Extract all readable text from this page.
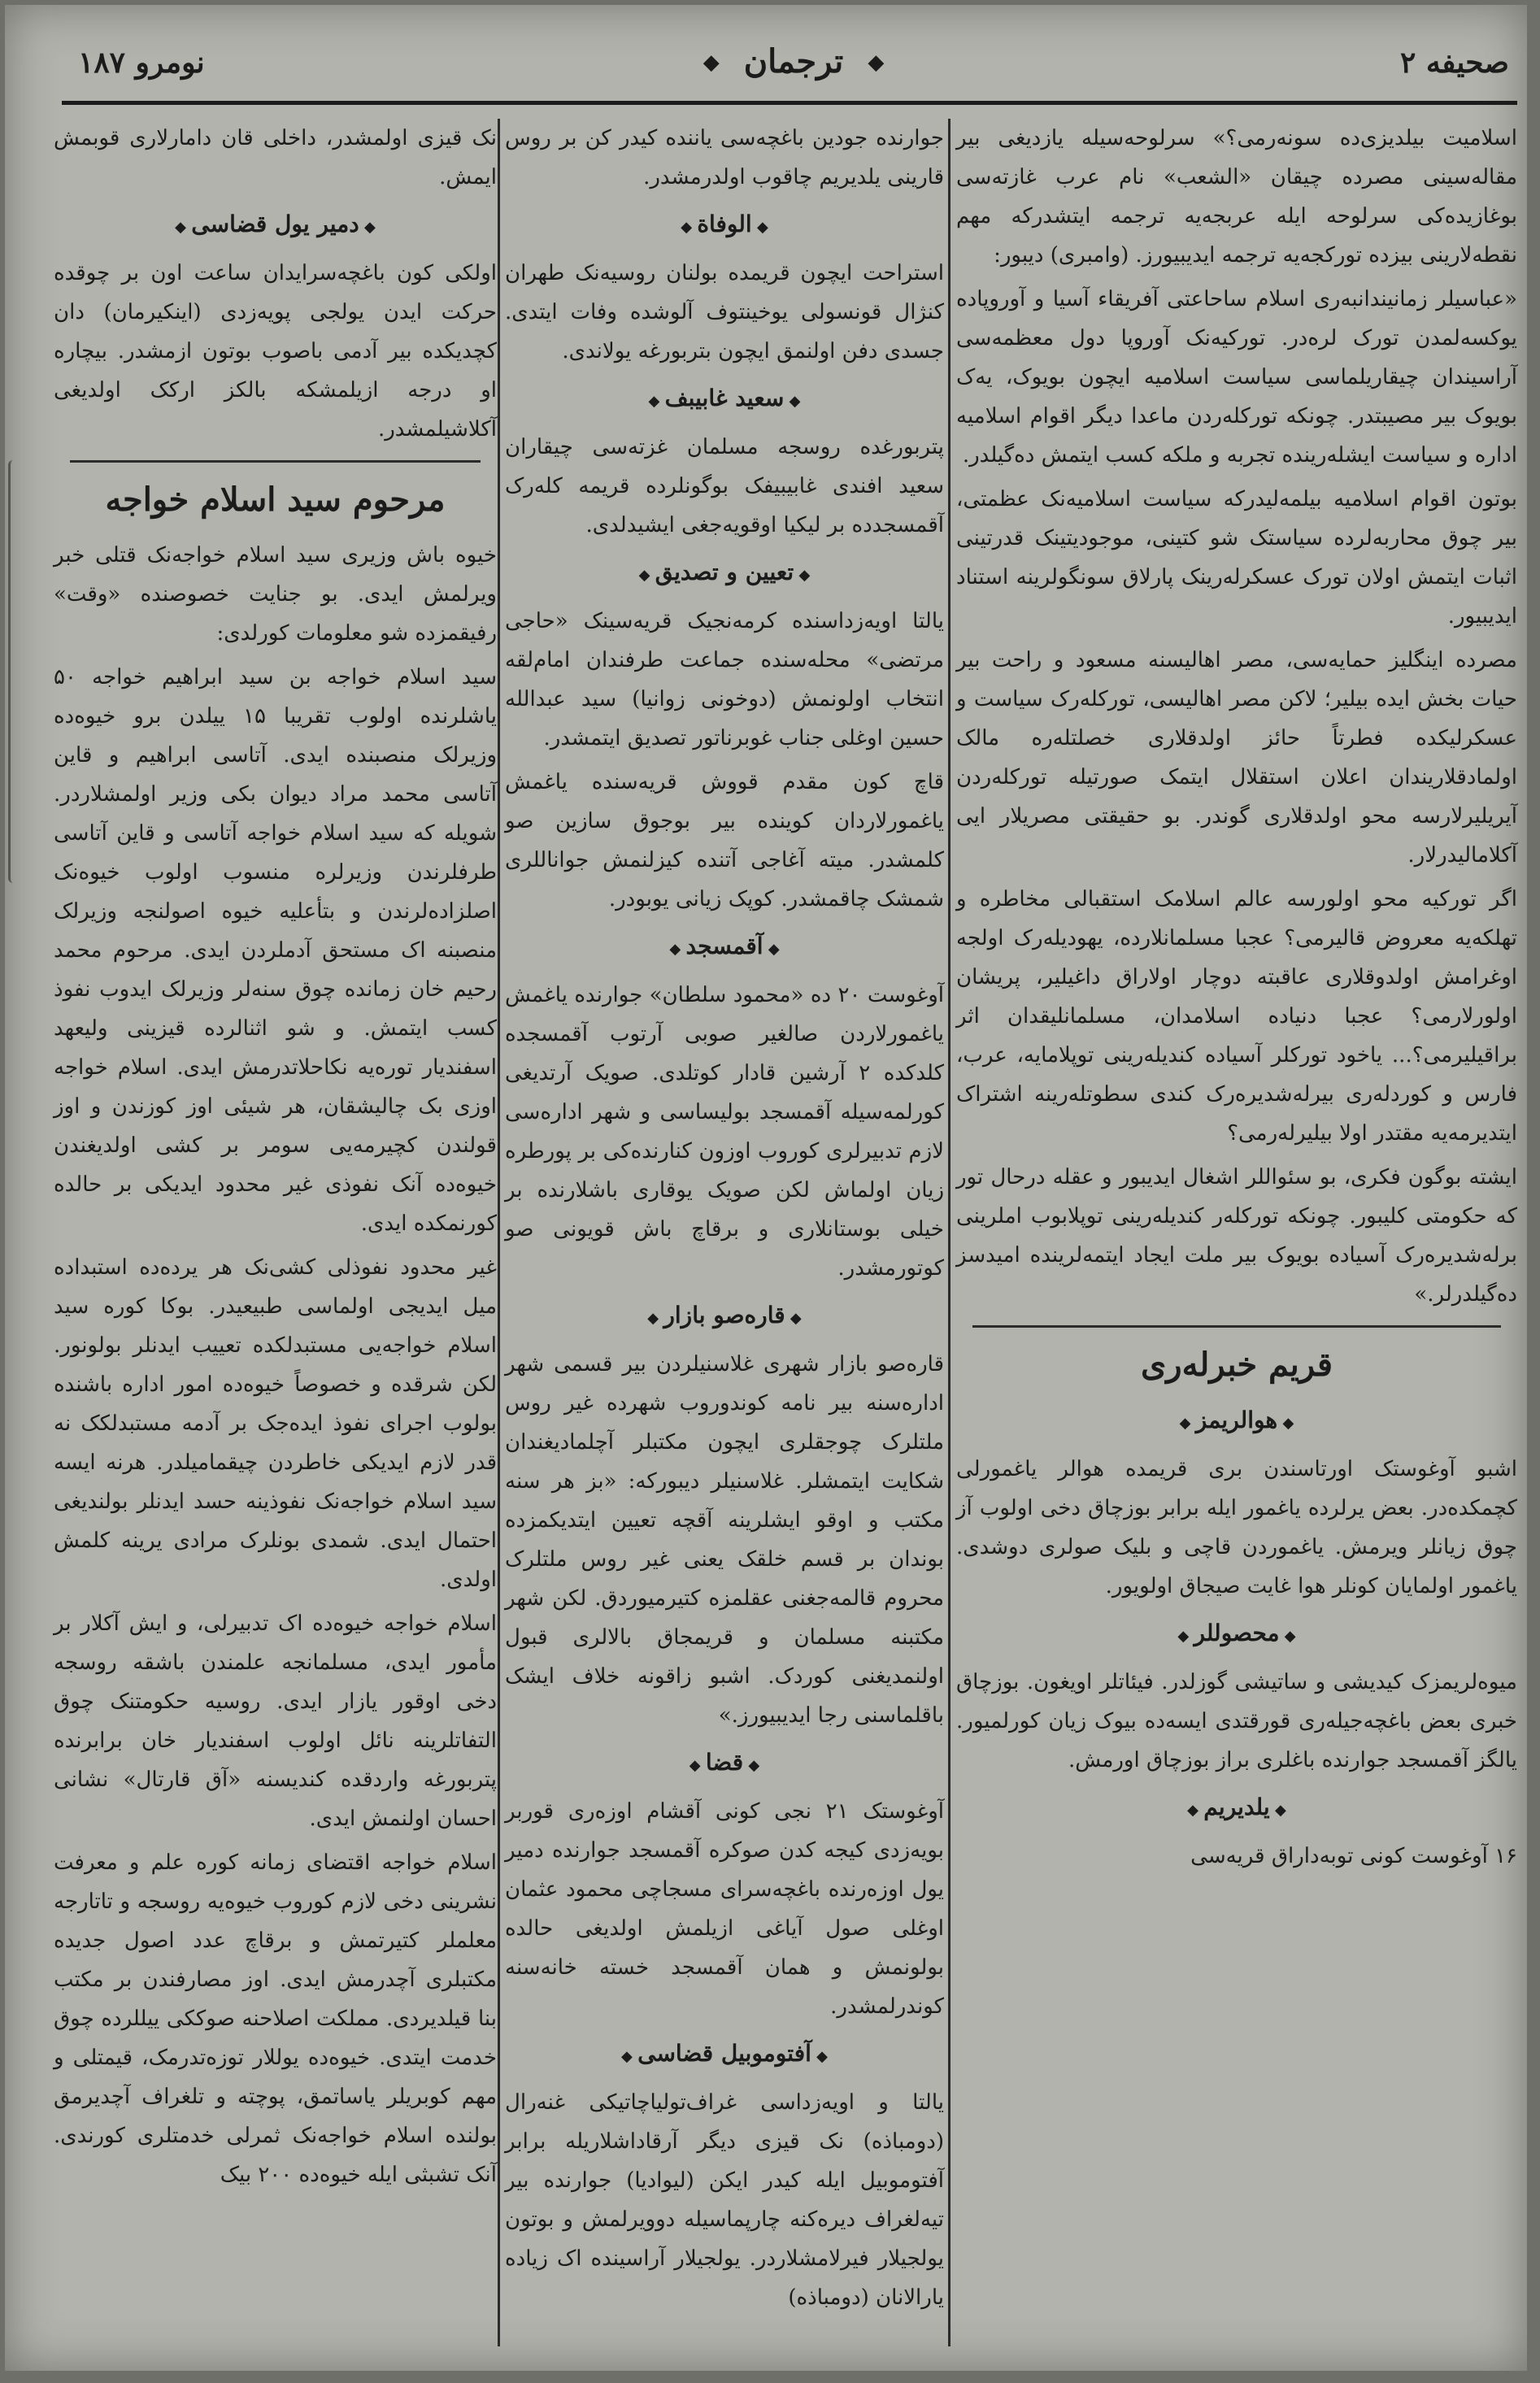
صحیفه ۲
◆ ترجمان ◆
نومرو ۱۸۷

اسلامیت بیلدیزی‌ده سونه‌رمی؟» سرلوحه‌سیله یازدیغی بیر مقاله‌سینی مصرده چیقان «الشعب» نام عرب غازته‌سی بوغازیده‌کی سرلوحه ایله عربجه‌یه ترجمه ایتشدرکه مهم نقطه‌لارینی بیزده تورکجه‌یه ترجمه ایدیبیورز. (وامبری) دیبور:

«عباسیلر زمانیندانبه‌ری اسلام ساحاعتی آفریقاء آسیا و آوروپاده یوکسه‌لمدن تورک لره‌در. تورکیه‌نک آوروپا دول معظمه‌سی آراسیندان چیقاریلماسی سیاست اسلامیه ایچون بویوک، یه‌ک بویوک بیر مصیبتدر. چونکه تورکله‌ردن ماعدا دیگر اقوام اسلامیه اداره و سیاست ایشله‌رینده تجربه و ملکه کسب ایتمش ده‌گیلدر.

بوتون اقوام اسلامیه بیلمه‌لیدرکه سیاست اسلامیه‌نک عظمتی، بیر چوق محاربه‌لرده سیاستک شو کتینی، موجودیتینک قدرتینی اثبات ایتمش اولان تورک عسکرله‌رینک پارلاق سونگولرینه استناد ایدیبیور.

مصرده اینگلیز حمایه‌سی، مصر اهالیسنه مسعود و راحت بیر حیات بخش ایده بیلیر؛ لاکن مصر اهالیسی، تورکله‌رک سیاست و عسکرلیکده فطرتاً حائز اولدقلاری خصلتله‌ره مالک اولمادقلاریندان اعلان استقلال ایتمک صورتیله تورکله‌ردن آیریلیرلارسه محو اولدقلاری گوندر. بو حقیقتی مصریلار ایی آکلامالیدرلار.

اگر تورکیه محو اولورسه عالم اسلامک استقبالی مخاطره و تهلکه‌یه معروض قالیرمی؟ عجبا مسلمانلارده، یهودیله‌رک اولجه اوغرامش اولدوقلاری عاقبته دوچار اولاراق داغیلیر، پریشان اولورلارمی؟ عجبا دنیاده اسلامدان، مسلمانلیقدان اثر براقیلیرمی؟... یاخود تورکلر آسیاده کندیله‌رینی توپلامایه، عرب، فارس و کوردله‌ری بیرله‌شدیره‌رک کندی سطوتله‌رینه اشتراک ایتدیرمه‌یه مقتدر اولا بیلیرله‌رمی؟

ایشته بوگون فکری، بو سئواللر اشغال ایدیبور و عقله درحال تور که حکومتی کلیبور. چونکه تورکله‌ر کندیله‌رینی توپلابوب املرینی برله‌شدیره‌رک آسیاده بویوک بیر ملت ایجاد ایتمه‌لرینده امیدسز ده‌گیلدرلر.»

قریم خبرله‌ری
◆ هوالریمز ◆

اشبو آوغوستک اورتاسندن بری قریمده هوالر یاغمورلی کچمکده‌در. بعض یرلرده یاغمور ایله برابر بوزچاق دخی اولوب آز چوق زیانلر ویرمش. یاغموردن قاچی و بلیک صولری دوشدی. یاغمور اولمایان کونلر هوا غایت صیجاق اولویور.

◆ محصوللر ◆

میوه‌لریمزک کیدیشی و ساتیشی گوزلدر. فیئاتلر اویغون. بوزچاق خبری بعض باغچه‌جیله‌ری قورقتدی ایسه‌ده بیوک زیان کورلمیور. یالگز آقمسجد جوارنده باغلری براز بوزچاق اورمش.

◆ یلدیریم ◆

۱۶ آوغوست کونی توبه‌داراق قریه‌سی

جوارنده جودین باغچه‌سی یاننده کیدر کن بر روس قارینی یلدیریم چاقوب اولدرمشدر.

◆ الوفاة ◆

استراحت ایچون قریمده بولنان روسیه‌نک طهران کنژال قونسولی یوخینتوف آلوشده وفات ایتدی. جسدی دفن اولنمق ایچون بتربورغه یولاندی.

◆ سعید غابیبف ◆

پتربورغده روسجه مسلمان غزته‌سی چیقاران سعید افندی غابیبیفک بوگونلرده قریمه کله‌رک آقمسجدده بر لیکیا اوقویه‌جغی ایشیدلدی.

◆ تعیین و تصدیق ◆

یالتا اویه‌زداسنده کرمه‌نجیک قریه‌سینک «حاجی مرتضی» محله‌سنده جماعت طرفندان امام‌لقه انتخاب اولونمش (دوخونی زوانیا) سید عبدالله حسین اوغلی جناب غوبرناتور تصدیق ایتمشدر.

قاچ کون مقدم قووش قریه‌سنده یاغمش یاغمورلاردان کوینده بیر بوجوق سازین صو کلمشدر. میته آغاجی آتنده کیزلنمش جواناللری شمشک چاقمشدر. کوپک زیانی یوبودر.

◆ آقمسجد ◆

آوغوست ۲۰ ده «محمود سلطان» جوارنده یاغمش یاغمورلاردن صالغیر صوبی آرتوب آقمسجده کلدکده ۲ آرشین قادار کوتلدی. صویک آرتدیغی کورلمه‌سیله آقمسجد بولیساسی و شهر اداره‌سی لازم تدبیرلری کوروب اوزون کنارنده‌کی بر پورطره زیان اولماش لکن صویک یوقاری باشلارنده بر خیلی بوستانلاری و برقاچ باش قویونی صو کوتورمشدر.

◆ قاره‌صو بازار ◆

قاره‌صو بازار شهری غلاسنیلردن بیر قسمی شهر اداره‌سنه بیر نامه کوندوروب شهرده غیر روس ملتلرک چوجقلری ایچون مکتبلر آچلمادیغندان شکایت ایتمشلر. غلاسنیلر دیبورکه: «بز هر سنه مکتب و اوقو ایشلرینه آقچه تعیین ایتدیکمزده بوندان بر قسم خلقک یعنی غیر روس ملتلرک محروم قالمه‌جغنی عقلمزه کتیرمیوردق. لکن شهر مکتبنه مسلمان و قریمجاق بالالری قبول اولنمدیغنی کوردک. اشبو زاقونه خلاف ایشک باقلماسنی رجا ایدیبیورز.»

◆ قضا ◆

آوغوستک ۲۱ نجی کونی آقشام اوزه‌ری قوربر بویه‌زدی کیجه کدن صوکره آقمسجد جوارنده دمیر یول اوزه‌رنده باغچه‌سرای مسجاچی محمود عثمان اوغلی صول آیاغی ازیلمش اولدیغی حالده بولونمش و همان آقمسجد خسته خانه‌سنه کوندرلمشدر.

◆ آفتوموبیل قضاسی ◆

یالتا و اویه‌زداسی غراف‌تولیاچاتیکی غنه‌رال (دومباذه) نک قیزی دیگر آرقاداشلاریله برابر آفتوموبیل ایله کیدر ایکن (لیوادیا) جوارنده بیر تیه‌لغراف دیره‌کنه چارپماسیله دوویرلمش و بوتون یولجیلار فیرلامشلاردر. یولجیلار آراسینده اک زیاده یارالانان (دومباذه)

نک قیزی اولمشدر، داخلی قان دامارلاری قوبمش ایمش.

◆ دمیر یول قضاسی ◆

اولکی کون باغچه‌سرایدان ساعت اون بر چوقده حرکت ایدن یولجی پویه‌زدی (اینکیرمان) دان کچدیکده بیر آدمی باصوب بوتون ازمشدر. بیچاره او درجه ازیلمشکه بالکز ارکک اولدیغی آکلاشیلمشدر.

مرحوم سید اسلام خواجه

خیوه باش وزیری سید اسلام خواجه‌نک قتلی خبر ویرلمش ایدی. بو جنایت خصوصنده «وقت» رفیقمزده شو معلومات کورلدی:

سید اسلام خواجه بن سید ابراهیم خواجه ۵۰ یاشلرنده اولوب تقریبا ۱۵ ییلدن برو خیوه‌ده وزیرلک منصبنده ایدی. آتاسی ابراهیم و قاین آتاسی محمد مراد دیوان بکی وزیر اولمشلاردر. شویله که سید اسلام خواجه آتاسی و قاین آتاسی طرفلرندن وزیرلره منسوب اولوب خیوه‌نک اصلزاده‌لرندن و بتأعلیه خیوه اصولنجه وزیرلک منصبنه اک مستحق آدملردن ایدی. مرحوم محمد رحیم خان زمانده چوق سنه‌لر وزیرلک ایدوب نفوذ کسب ایتمش. و شو اثنالرده قیزینی ولیعهد اسفندیار توره‌یه نکاحلاتدرمش ایدی. اسلام خواجه اوزی بک چالیشقان، هر شیئی اوز کوزندن و اوز قولندن کچیرمه‌یی سومر بر کشی اولدیغندن خیوه‌ده آنک نفوذی غیر محدود ایدیکی بر حالده کورنمکده ایدی.

غیر محدود نفوذلی کشی‌نک هر یرده‌ده استبداده میل ایدیجی اولماسی طبیعیدر. بوکا کوره سید اسلام خواجه‌یی مستبدلکده تعییب ایدنلر بولونور. لکن شرقده و خصوصاً خیوه‌ده امور اداره باشنده بولوب اجرای نفوذ ایده‌جک بر آدمه مستبدلکک نه قدر لازم ایدیکی خاطردن چیقمامیلدر. هرنه ایسه سید اسلام خواجه‌نک نفوذینه حسد ایدنلر بولندیغی احتمال ایدی. شمدی بونلرک مرادی یرینه کلمش اولدی.

اسلام خواجه خیوه‌ده اک تدبیرلی، و ایش آکلار بر مأمور ایدی، مسلمانجه علمندن باشقه روسجه دخی اوقور یازار ایدی. روسیه حکومتنک چوق التفاتلرینه نائل اولوب اسفندیار خان برابرنده پتربورغه واردقده کندیسنه «آق قارتال» نشانی احسان اولنمش ایدی.

اسلام خواجه اقتضای زمانه کوره علم و معرفت نشرینی دخی لازم کوروب خیوه‌یه روسجه و تاتارجه معلملر کتیرتمش و برقاچ عدد اصول جدیده مکتبلری آچدرمش ایدی. اوز مصارفندن بر مکتب بنا قیلدیردی. مملکت اصلاحنه صوککی ییللرده چوق خدمت ایتدی. خیوه‌ده یوللار توزه‌تدرمک، قیمتلی و مهم کوبریلر یاساتمق، پوچته و تلغراف آچدیرمق بولنده اسلام خواجه‌نک ثمرلی خدمتلری کورندی. آنک تشبثی ایله خیوه‌ده ۲۰۰ بیک
